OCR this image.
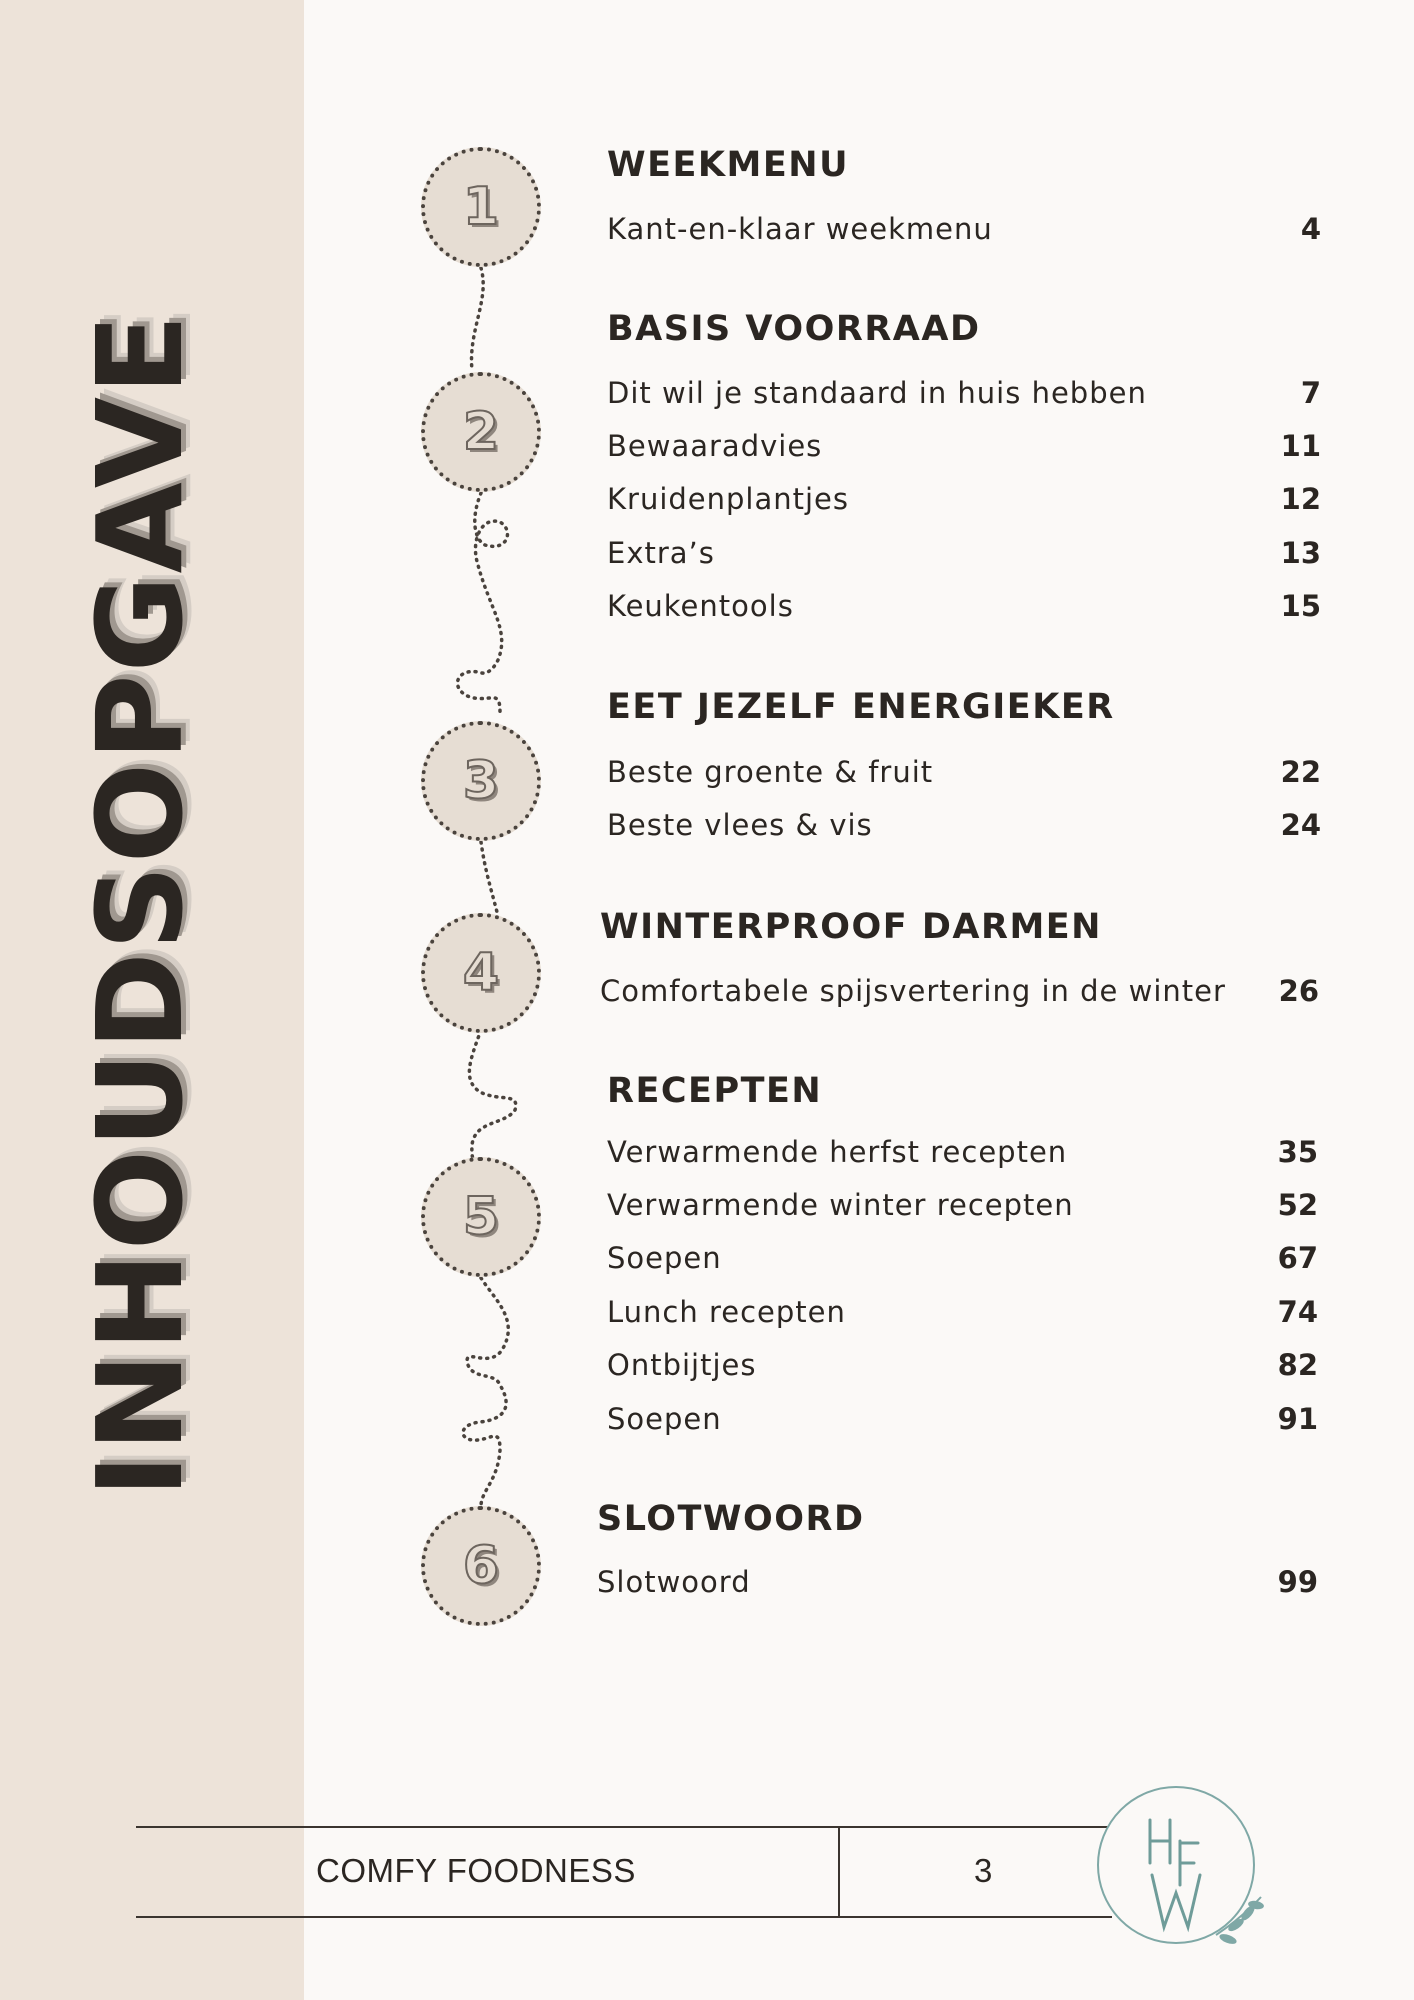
INHOUDSOPGAVE
1
2
3
4
5
6
WEEKMENU
Kant-en-klaar weekmenu	4
BASIS VOORRAAD
Dit wil je standaard in huis hebben	7
Bewaaradvies	11
Kruidenplantjes	12
Extra’s	13
Keukentools	15
EET JEZELF ENERGIEKER
Beste groente & fruit	22
Beste vlees & vis	24
WINTERPROOF DARMEN
Comfortabele spijsvertering in de winter 26
RECEPTEN
Verwarmende herfst recepten	35
Verwarmende winter recepten	52
Soepen	67
Lunch recepten	74
Ontbijtjes	82
Soepen	91
SLOTWOORD
Slotwoord	99
COMFY FOODNESS	3
